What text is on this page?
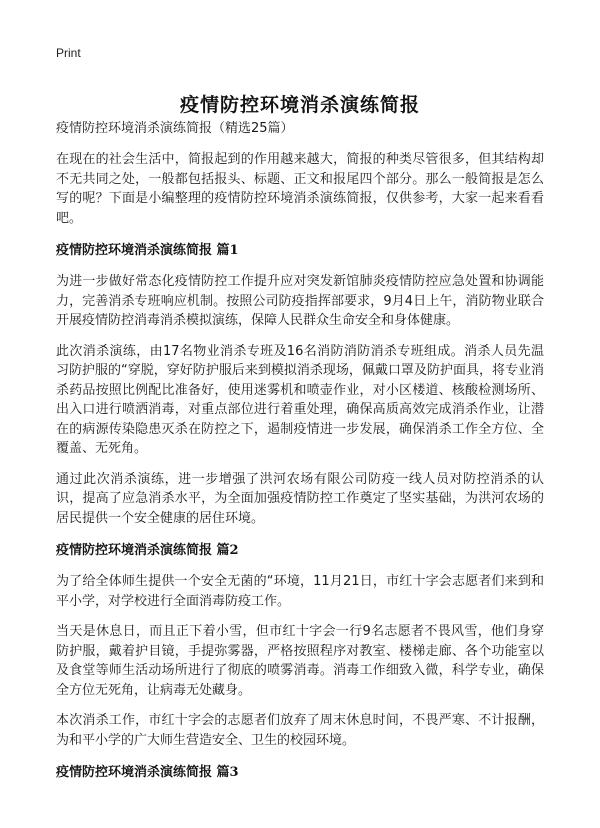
Print
疫情防控环境消杀演练简报
疫情防控环境消杀演练简报（精选25篇）

在现在的社会生活中，简报起到的作用越来越大，简报的种类尽管很多，但其结构却不无共同之处，一般都包括报头、标题、正文和报尾四个部分。那么一般简报是怎么写的呢？下面是小编整理的疫情防控环境消杀演练简报，仅供参考，大家一起来看看吧。

疫情防控环境消杀演练简报 篇1

为进一步做好常态化疫情防控工作提升应对突发新馆肺炎疫情防控应急处置和协调能力，完善消杀专班响应机制。按照公司防疫指挥部要求，9月4日上午，消防物业联合开展疫情防控消毒消杀模拟演练，保障人民群众生命安全和身体健康。

此次消杀演练，由17名物业消杀专班及16名消防消防消杀专班组成。消杀人员先温习防护服的“穿脱，穿好防护服后来到模拟消杀现场，佩戴口罩及防护面具，将专业消杀药品按照比例配比准备好，使用迷雾机和喷壶作业，对小区楼道、核酸检测场所、出入口进行喷洒消毒，对重点部位进行着重处理，确保高质高效完成消杀作业，让潜在的病源传染隐患灭杀在防控之下，遏制疫情进一步发展，确保消杀工作全方位、全覆盖、无死角。

通过此次消杀演练，进一步增强了洪河农场有限公司防疫一线人员对防控消杀的认识，提高了应急消杀水平，为全面加强疫情防控工作奠定了坚实基础，为洪河农场的居民提供一个安全健康的居住环境。

疫情防控环境消杀演练简报 篇2

为了给全体师生提供一个安全无菌的“环境，11月21日，市红十字会志愿者们来到和平小学，对学校进行全面消毒防疫工作。

当天是休息日，而且正下着小雪，但市红十字会一行9名志愿者不畏风雪，他们身穿防护服，戴着护目镜，手提弥雾器，严格按照程序对教室、楼梯走廊、各个功能室以及食堂等师生活动场所进行了彻底的喷雾消毒。消毒工作细致入微，科学专业，确保全方位无死角，让病毒无处藏身。

本次消杀工作，市红十字会的志愿者们放弃了周末休息时间，不畏严寒、不计报酬，为和平小学的广大师生营造安全、卫生的校园环境。

疫情防控环境消杀演练简报 篇3
